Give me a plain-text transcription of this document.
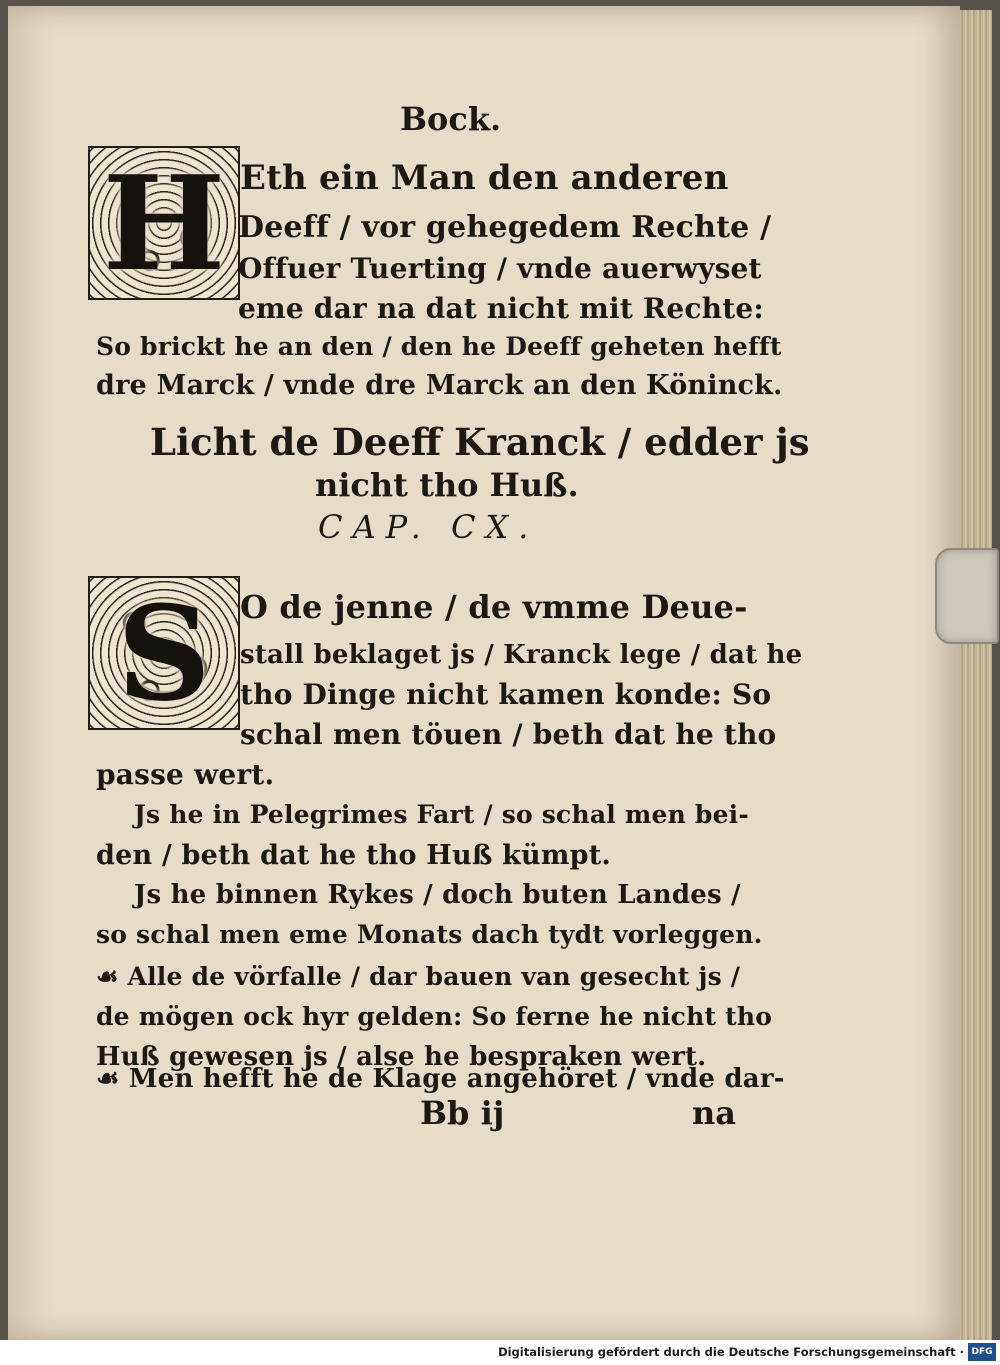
Bock.

H Eth ein Man den anderen

Deeff / vor gehegedem Rechte /

Offuer Tuerting / vnde auerwyset

eme dar na dat nicht mit Rechte:

So brickt he an den / den he Deeff geheten hefft

dre Marck / vnde dre Marck an den Köninck.

Licht de Deeff Kranck / edder js

nicht tho Huß.

CAP. CX.

S O de jenne / de vmme Deue-

stall beklaget js / Kranck lege / dat he

tho Dinge nicht kamen konde: So

schal men töuen / beth dat he tho

passe wert.

Js he in Pelegrimes Fart / so schal men bei-

den / beth dat he tho Huß kümpt.

Js he binnen Rykes / doch buten Landes /

so schal men eme Monats dach tydt vorleggen.

☙ Alle de vörfalle / dar bauen van gesecht js /

de mögen ock hyr gelden: So ferne he nicht tho

Huß gewesen js / alse he bespraken wert.

☙ Men hefft he de Klage angehöret / vnde dar-

Bb ij	na

Digitalisierung gefördert durch die Deutsche Forschungsgemeinschaft · DFG
